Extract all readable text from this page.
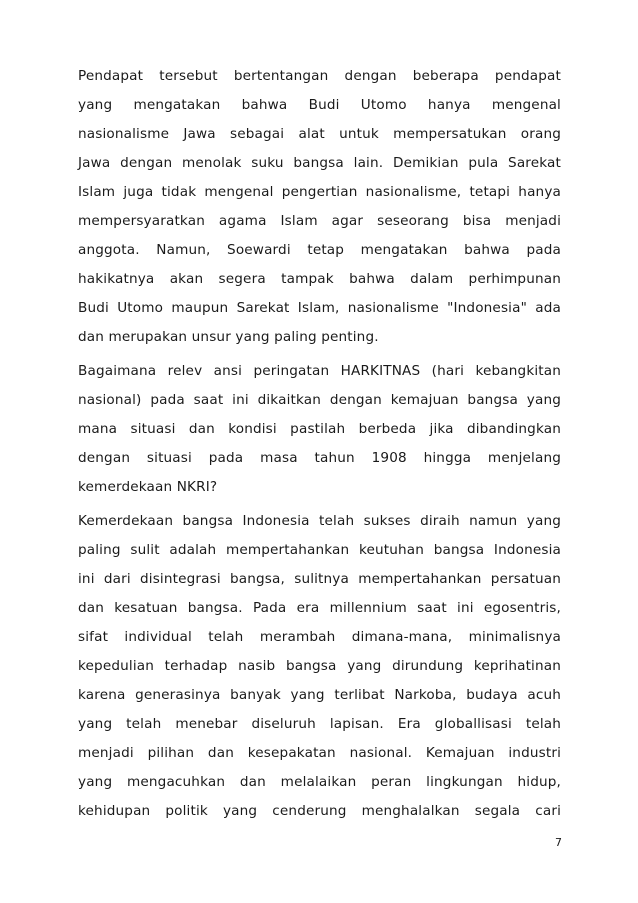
Pendapat tersebut bertentangan dengan beberapa pendapat
yang mengatakan bahwa Budi Utomo hanya mengenal
nasionalisme Jawa sebagai alat untuk mempersatukan orang
Jawa dengan menolak suku bangsa lain. Demikian pula Sarekat
Islam juga tidak mengenal pengertian nasionalisme, tetapi hanya
mempersyaratkan agama Islam agar seseorang bisa menjadi
anggota. Namun, Soewardi tetap mengatakan bahwa pada
hakikatnya akan segera tampak bahwa dalam perhimpunan
Budi Utomo maupun Sarekat Islam, nasionalisme "Indonesia" ada
dan merupakan unsur yang paling penting.

Bagaimana relev ansi peringatan HARKITNAS (hari kebangkitan
nasional) pada saat ini dikaitkan dengan kemajuan bangsa yang
mana situasi dan kondisi pastilah berbeda jika dibandingkan
dengan situasi pada masa tahun 1908 hingga menjelang
kemerdekaan NKRI?

Kemerdekaan bangsa Indonesia telah sukses diraih namun yang
paling sulit adalah mempertahankan keutuhan bangsa Indonesia
ini dari disintegrasi bangsa, sulitnya mempertahankan persatuan
dan kesatuan bangsa. Pada era millennium saat ini egosentris,
sifat individual telah merambah dimana-mana, minimalisnya
kepedulian terhadap nasib bangsa yang dirundung keprihatinan
karena generasinya banyak yang terlibat Narkoba, budaya acuh
yang telah menebar diseluruh lapisan. Era globallisasi telah
menjadi pilihan dan kesepakatan nasional. Kemajuan industri
yang mengacuhkan dan melalaikan peran lingkungan hidup,
kehidupan politik yang cenderung menghalalkan segala cari

7
